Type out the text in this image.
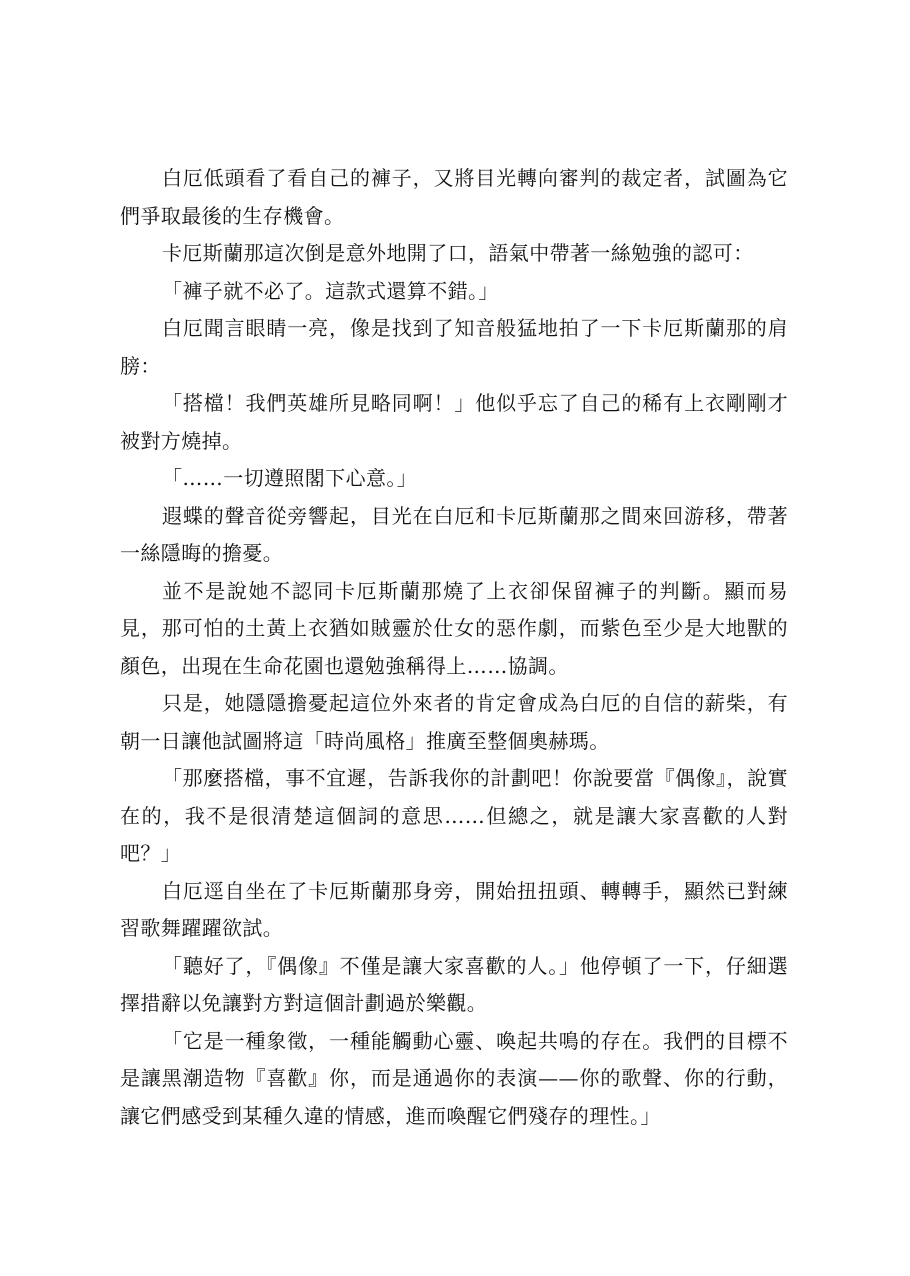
白厄低頭看了看自己的褲子，又將目光轉向審判的裁定者，試圖為它們爭取最後的生存機會。

卡厄斯蘭那這次倒是意外地開了口，語氣中帶著一絲勉強的認可：

「褲子就不必了。這款式還算不錯。」

白厄聞言眼睛一亮，像是找到了知音般猛地拍了一下卡厄斯蘭那的肩膀：

「搭檔！我們英雄所見略同啊！」他似乎忘了自己的稀有上衣剛剛才被對方燒掉。

「……一切遵照閣下心意。」

遐蝶的聲音從旁響起，目光在白厄和卡厄斯蘭那之間來回游移，帶著一絲隱晦的擔憂。

並不是說她不認同卡厄斯蘭那燒了上衣卻保留褲子的判斷。顯而易見，那可怕的土黃上衣猶如賊靈於仕女的惡作劇，而紫色至少是大地獸的顏色，出現在生命花園也還勉強稱得上……協調。

只是，她隱隱擔憂起這位外來者的肯定會成為白厄的自信的薪柴，有朝一日讓他試圖將這「時尚風格」推廣至整個奧赫瑪。

「那麼搭檔，事不宜遲，告訴我你的計劃吧！你說要當『偶像』，說實在的，我不是很清楚這個詞的意思……但總之，就是讓大家喜歡的人對吧？」

白厄逕自坐在了卡厄斯蘭那身旁，開始扭扭頭、轉轉手，顯然已對練習歌舞躍躍欲試。

「聽好了，『偶像』不僅是讓大家喜歡的人。」他停頓了一下，仔細選擇措辭以免讓對方對這個計劃過於樂觀。

「它是一種象徵，一種能觸動心靈、喚起共鳴的存在。我們的目標不是讓黑潮造物『喜歡』你，而是通過你的表演——你的歌聲、你的行動，讓它們感受到某種久違的情感，進而喚醒它們殘存的理性。」
